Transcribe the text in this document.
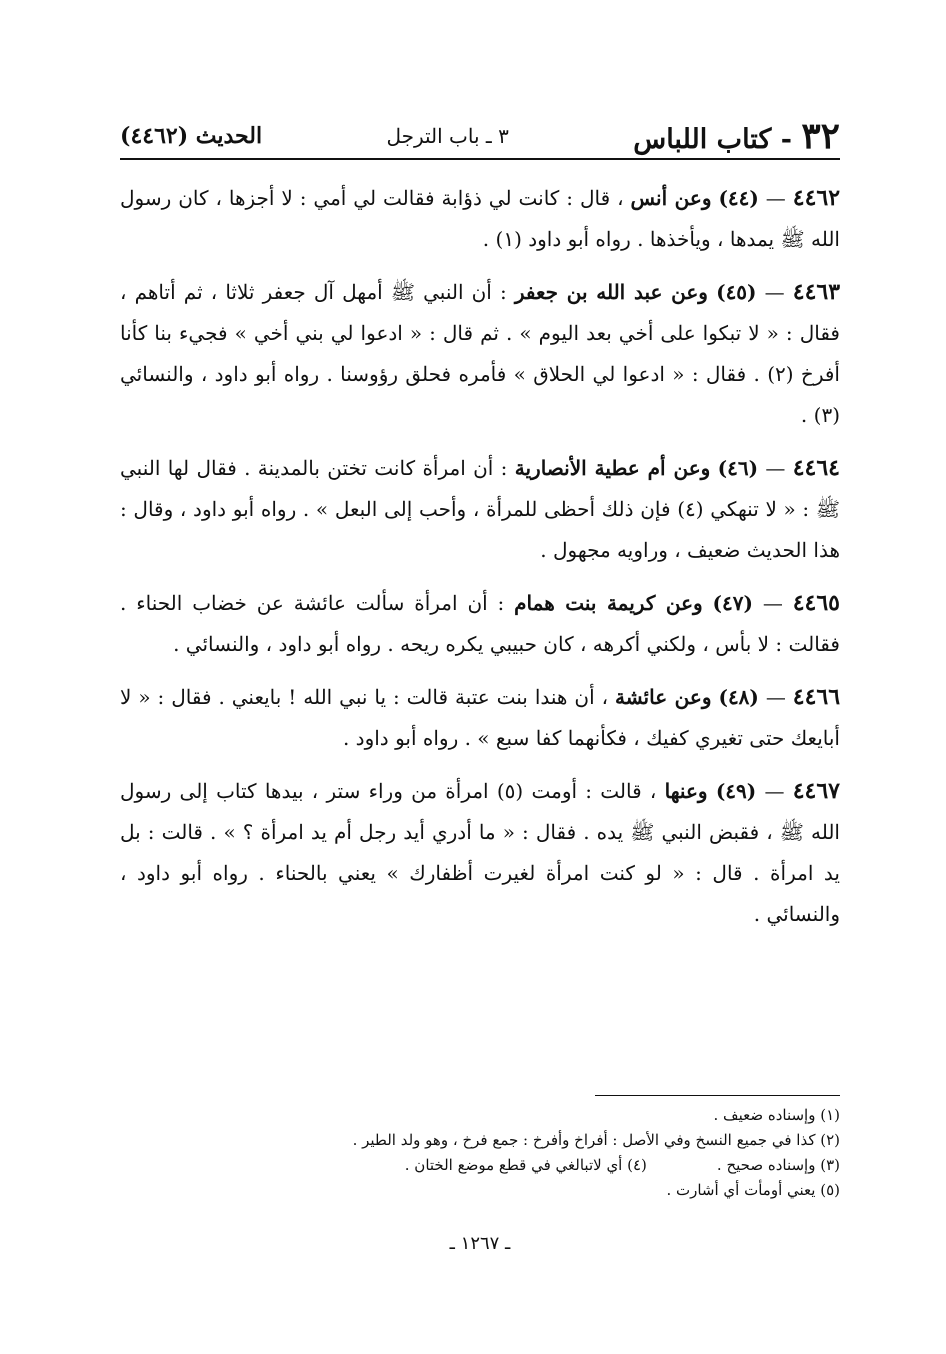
٣٢ - كتاب اللباس
٣ ـ باب الترجل
الحديث (٤٤٦٢)

٤٤٦٢ — (٤٤) وعن أنس ، قال : كانت لي ذؤابة فقالت لي أمي : لا أجزها ، كان رسول الله ﷺ يمدها ، ويأخذها . رواه أبو داود (١) .

٤٤٦٣ — (٤٥) وعن عبد الله بن جعفر : أن النبي ﷺ أمهل آل جعفر ثلاثا ، ثم أتاهم ، فقال : « لا تبكوا على أخي بعد اليوم » . ثم قال : « ادعوا لي بني أخي » فجيء بنا كأنا أفرخ (٢) . فقال : « ادعوا لي الحلاق » فأمره فحلق رؤوسنا . رواه أبو داود ، والنسائي (٣) .

٤٤٦٤ — (٤٦) وعن أم عطية الأنصارية : أن امرأة كانت تختن بالمدينة . فقال لها النبي ﷺ : « لا تنهكي (٤) فإن ذلك أحظى للمرأة ، وأحب إلى البعل » . رواه أبو داود ، وقال : هذا الحديث ضعيف ، وراويه مجهول .

٤٤٦٥ — (٤٧) وعن كريمة بنت همام : أن امرأة سألت عائشة عن خضاب الحناء . فقالت : لا بأس ، ولكني أكرهه ، كان حبيبي يكره ريحه . رواه أبو داود ، والنسائي .

٤٤٦٦ — (٤٨) وعن عائشة ، أن هندا بنت عتبة قالت : يا نبي الله ! بايعني . فقال : « لا أبايعك حتى تغيري كفيك ، فكأنهما كفا سبع » . رواه أبو داود .

٤٤٦٧ — (٤٩) وعنها ، قالت : أومت (٥) امرأة من وراء ستر ، بيدها كتاب إلى رسول الله ﷺ ، فقبض النبي ﷺ يده . فقال : « ما أدري أيد رجل أم يد امرأة ؟ » . قالت : بل يد امرأة . قال : « لو كنت امرأة لغيرت أظفارك » يعني بالحناء . رواه أبو داود ، والنسائي .

(١) وإسناده ضعيف .

(٢) كذا في جميع النسخ وفي الأصل : أفراخ وأفرخ : جمع فرخ ، وهو ولد الطير .

(٣) وإسناده صحيح .
(٤) أي لاتبالغي في قطع موضع الختان .

(٥) يعني أومأت أي أشارت .

ـ ١٢٦٧ ـ
